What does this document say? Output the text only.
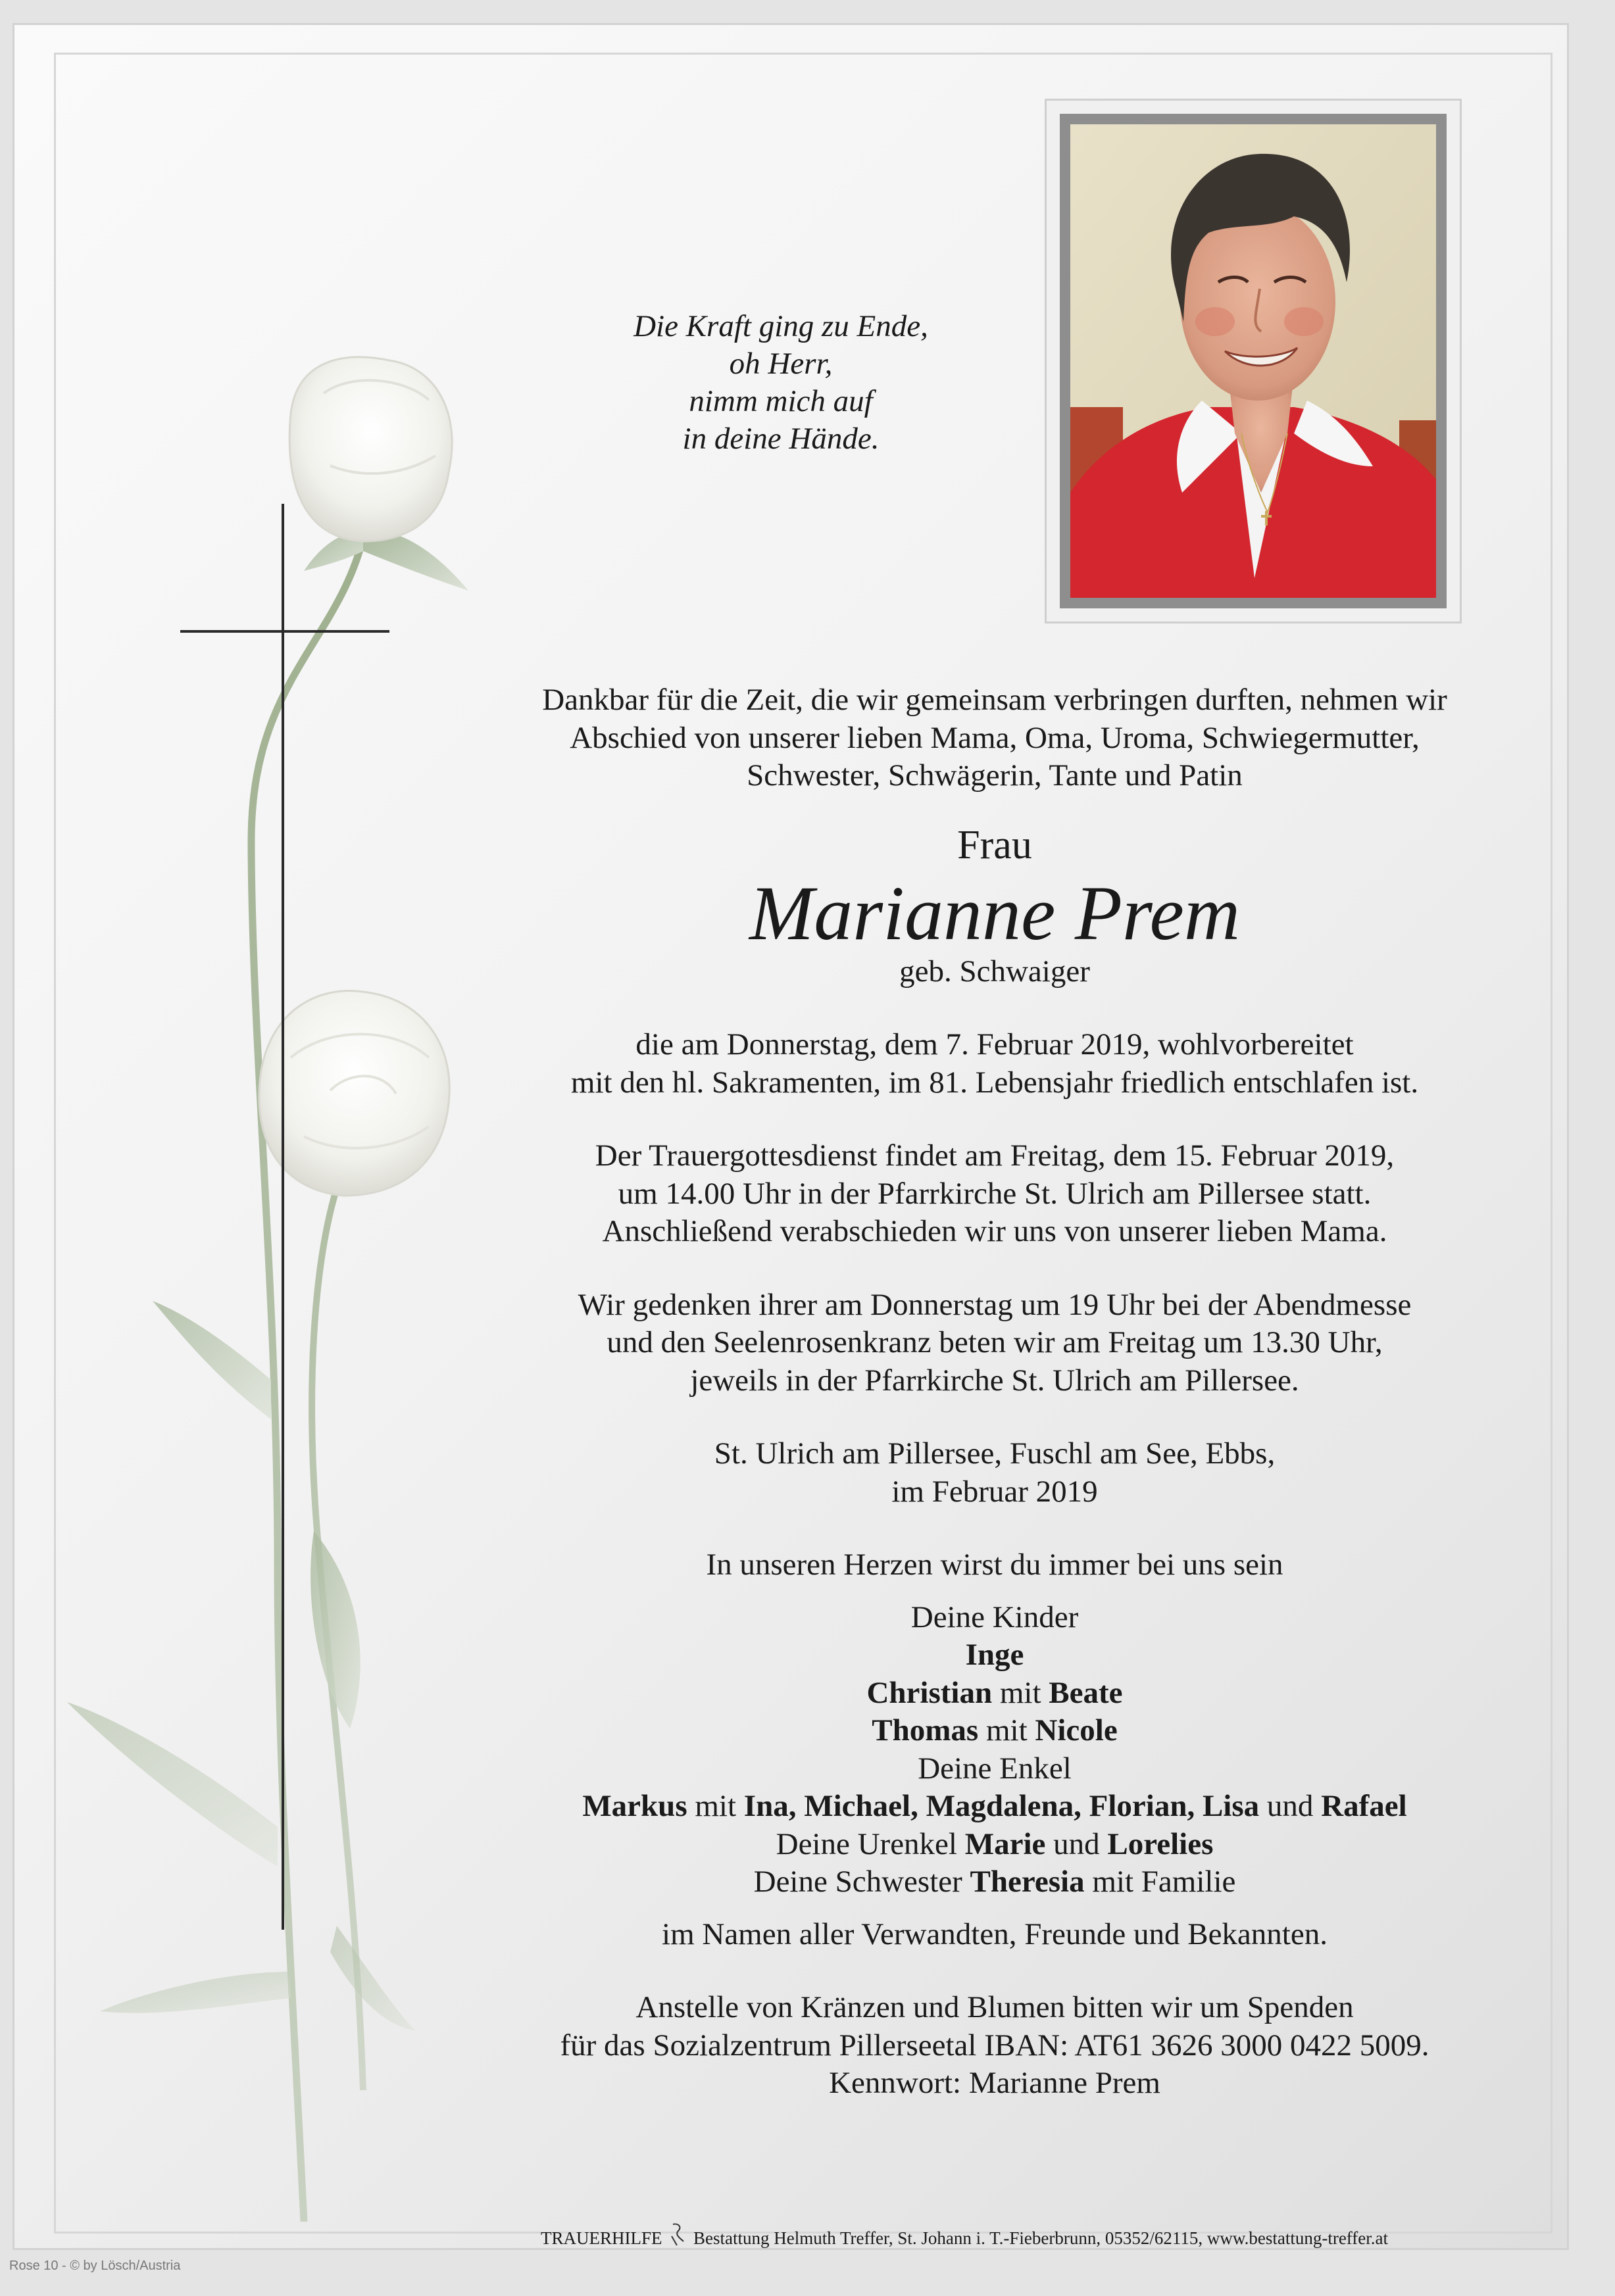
Die Kraft ging zu Ende,
oh Herr,
nimm mich auf
in deine Hände.
Dankbar für die Zeit, die wir gemeinsam verbringen durften, nehmen wir
Abschied von unserer lieben Mama, Oma, Uroma, Schwiegermutter,
Schwester, Schwägerin, Tante und Patin
Frau
Marianne Prem
geb. Schwaiger
die am Donnerstag, dem 7. Februar 2019, wohlvorbereitet
mit den hl. Sakramenten, im 81. Lebensjahr friedlich entschlafen ist.
Der Trauergottesdienst findet am Freitag, dem 15. Februar 2019,
um 14.00 Uhr in der Pfarrkirche St. Ulrich am Pillersee statt.
Anschließend verabschieden wir uns von unserer lieben Mama.
Wir gedenken ihrer am Donnerstag um 19 Uhr bei der Abendmesse
und den Seelenrosenkranz beten wir am Freitag um 13.30 Uhr,
jeweils in der Pfarrkirche St. Ulrich am Pillersee.
St. Ulrich am Pillersee, Fuschl am See, Ebbs,
im Februar 2019
In unseren Herzen wirst du immer bei uns sein
Deine Kinder
Inge
Christian mit Beate
Thomas mit Nicole
Deine Enkel
Markus mit Ina, Michael, Magdalena, Florian, Lisa und Rafael
Deine Urenkel Marie und Lorelies
Deine Schwester Theresia mit Familie
im Namen aller Verwandten, Freunde und Bekannten.
Anstelle von Kränzen und Blumen bitten wir um Spenden
für das Sozialzentrum Pillerseetal IBAN: AT61 3626 3000 0422 5009.
Kennwort: Marianne Prem
TRAUERHILFE Bestattung Helmuth Treffer, St. Johann i. T.-Fieberbrunn, 05352/62115, www.bestattung-treffer.at
Rose 10 - © by Lösch/Austria
